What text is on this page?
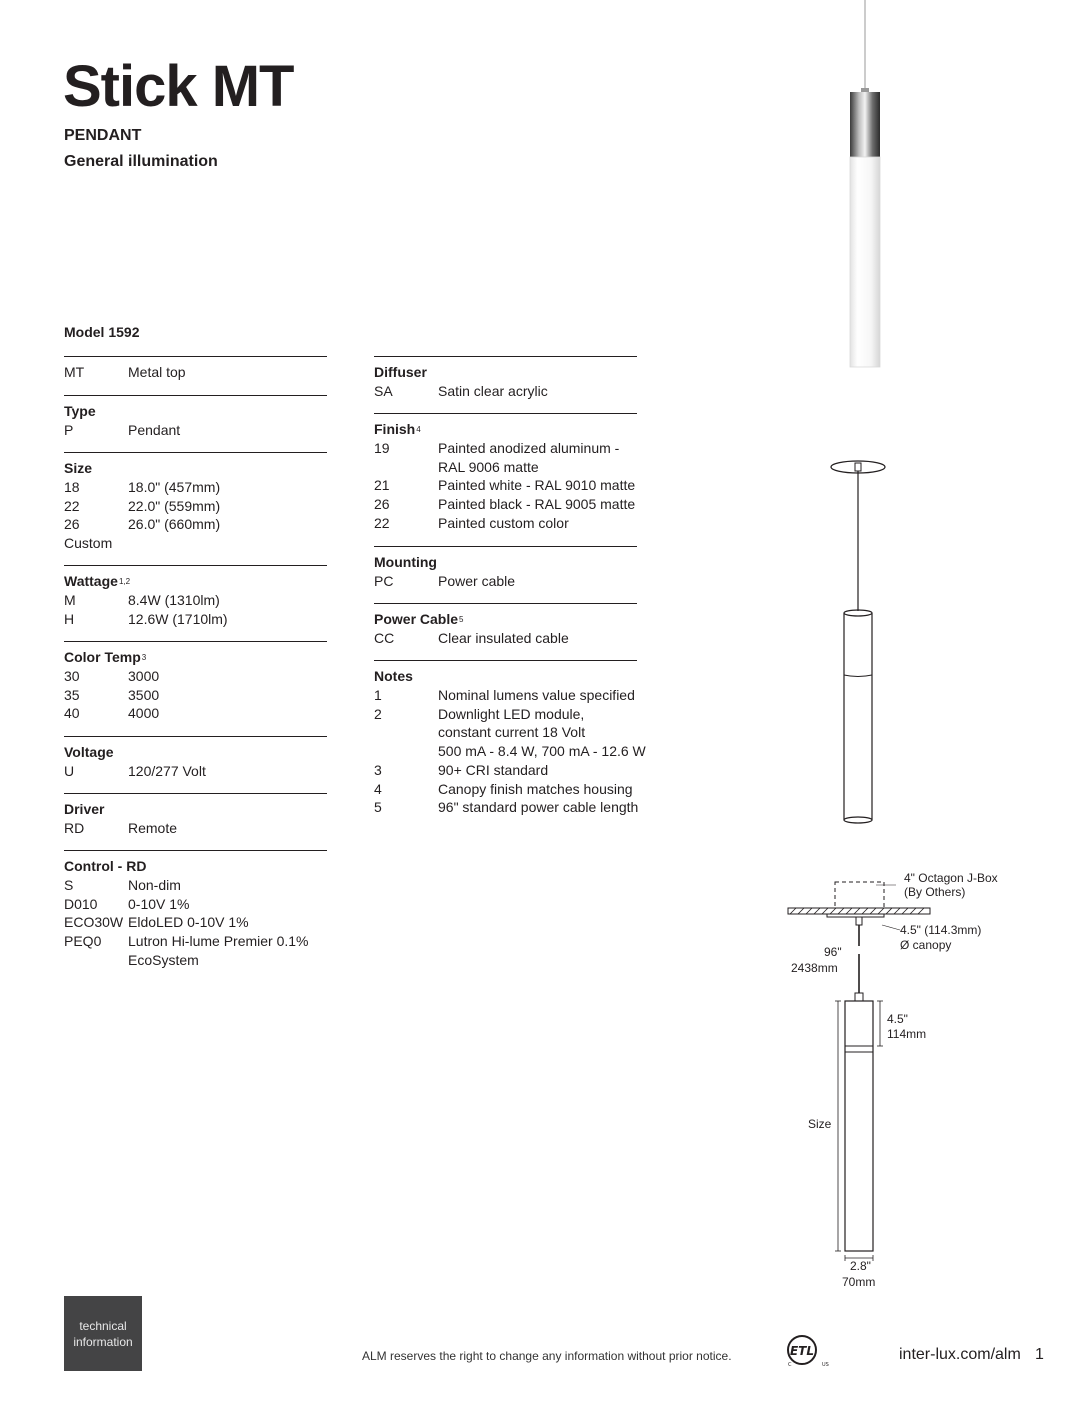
Stick MT
PENDANT
General illumination
Model 1592
MT	Metal top
Type
P	Pendant
Size
18	18.0" (457mm)
22	22.0" (559mm)
26	26.0" (660mm)
Custom
Wattage$^{1,2}$
M	8.4W (1310lm)
H	12.6W (1710lm)
Color Temp$^3$
30	3000
35	3500
40	4000
Voltage
U	120/277 Volt
Driver
RD	Remote
Control - RD
S	Non-dim
D010	0-10V 1%
ECO30W EldoLED 0-10V 1%
PEQ0	Lutron Hi-lume Premier 0.1%
EcoSystem
Diffuser
SA	Satin clear acrylic
Finish$^4$
19	Painted anodized aluminum -
RAL 9006 matte
21	Painted white - RAL 9010 matte
26	Painted black - RAL 9005 matte
22	Painted custom color
Mounting
PC	Power cable
Power Cable$^5$
CC	Clear insulated cable
Notes
1	Nominal lumens value specified
2	Downlight LED module,
constant current 18 Volt
500 mA - 8.4 W, 700 mA - 12.6 W
3	90+ CRI standard
4	Canopy finish matches housing
5	96" standard power cable length
4" Octagon J-Box
(By Others)
4.5" (114.3mm)
Ø canopy
96"
2438mm
4.5"
114mm
Size
2.8"
70mm
technical
information
ALM reserves the right to change any information without prior notice.	ETL
C	US
inter-lux.com/alm 1
